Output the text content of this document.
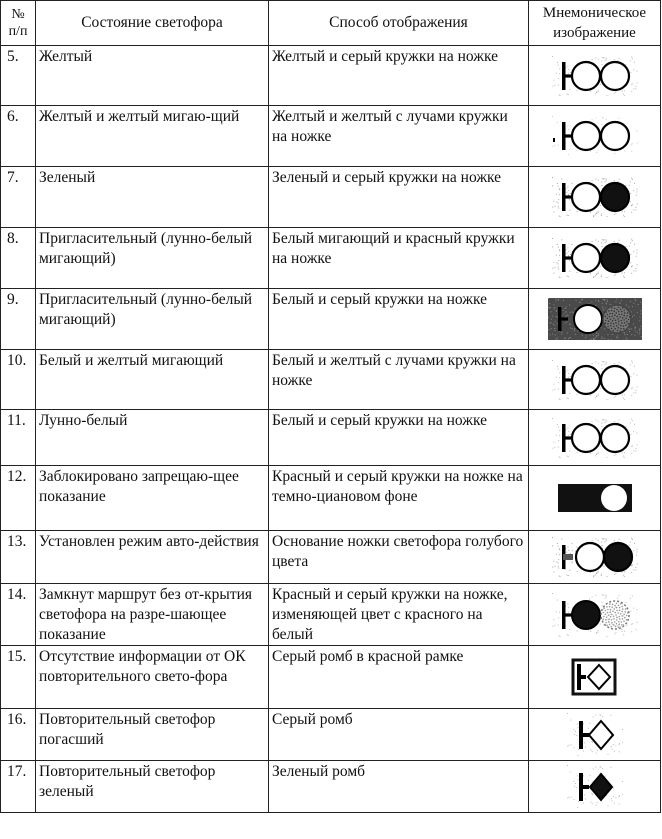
№ п/п	Состояние светофора	Способ отображения	Мнемоническое изображение
5.	Желтый	Желтый и серый кружки на ножке	

6.	Желтый и желтый мигаю-щий	Желтый и желтый с лучами кружки на ножке	

7.	Зеленый	Зеленый и серый кружки на ножке	

8.	Пригласительный (лунно-белый мигающий)	Белый мигающий и красный кружки на ножке	

9.	Пригласительный (лунно-белый мигающий)	Белый и серый кружки на ножке	

10.	Белый и желтый мигающий	Белый и желтый с лучами кружки на ножке	

11.	Лунно-белый	Белый и серый кружки на ножке	

12.	Заблокировано запрещаю-щее показание	Красный и серый кружки на ножке на темно-циановом фоне	

13.	Установлен режим авто-действия	Основание ножки светофора голубого цвета	

14.	Замкнут маршрут без от-крытия светофора на разре-шающее показание	Красный и серый кружки на ножке, изменяющей цвет с красного на белый	

15.	Отсутствие информации от ОК повторительного свето-фора	Серый ромб в красной рамке	

16.	Повторительный светофор погасший	Серый ромб	

17.	Повторительный светофор зеленый	Зеленый ромб	
